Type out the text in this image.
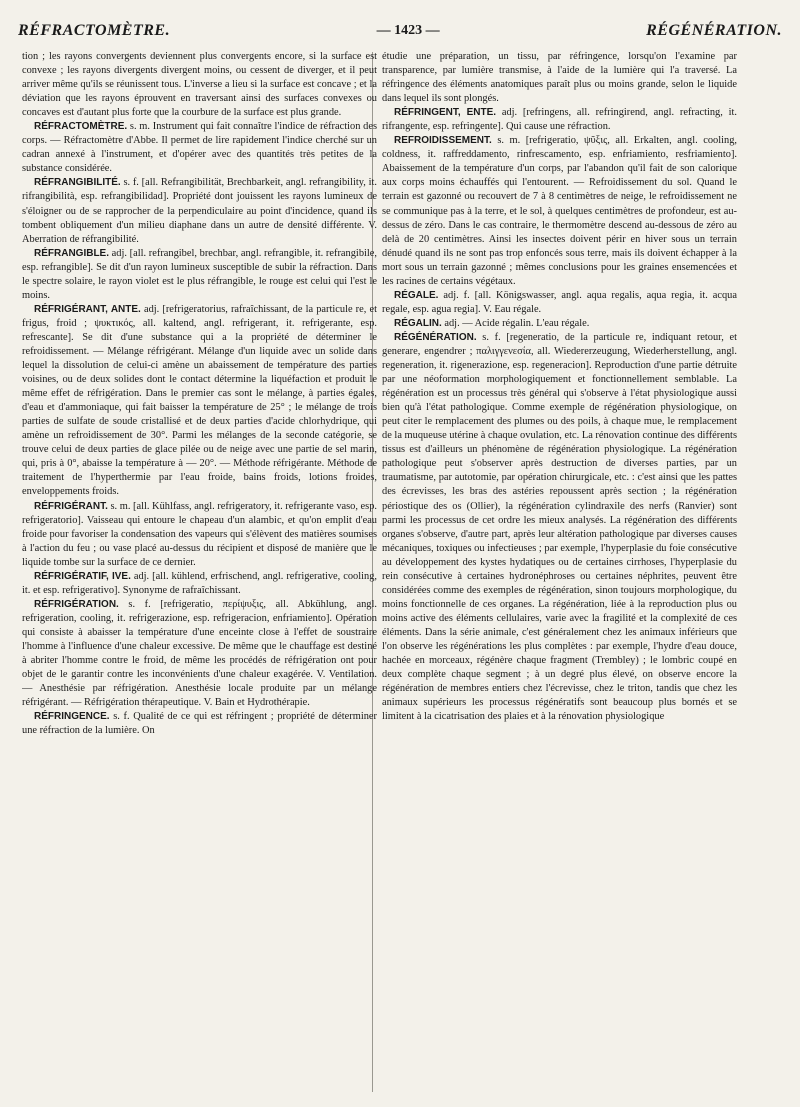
RÉFRACTOMÈTRE.	— 1423 —	RÉGÉNÉRATION.

tion ; les rayons convergents deviennent plus convergents encore, si la surface est convexe ; les rayons divergents divergent moins, ou cessent de diverger, et il peut arriver même qu'ils se réunissent tous. L'inverse a lieu si la surface est concave ; et la déviation que les rayons éprouvent en traversant ainsi des surfaces convexes ou concaves est d'autant plus forte que la courbure de la surface est plus grande.

RÉFRACTOMÈTRE. s. m. Instrument qui fait connaître l'indice de réfraction des corps. — Réfractomètre d'Abbe. Il permet de lire rapidement l'indice cherché sur un cadran annexé à l'instrument, et d'opérer avec des quantités très petites de la substance considérée.

RÉFRANGIBILITÉ. s. f. [all. Refrangibilität, Brechbarkeit, angl. refrangibility, it. rifrangibilità, esp. refrangibilidad]. Propriété dont jouissent les rayons lumineux de s'éloigner ou de se rapprocher de la perpendiculaire au point d'incidence, quand ils tombent obliquement d'un milieu diaphane dans un autre de densité différente. V. Aberration de réfrangibilité.

RÉFRANGIBLE. adj. [all. refrangibel, brechbar, angl. refrangible, it. refrangibile, esp. refrangible]. Se dit d'un rayon lumineux susceptible de subir la réfraction. Dans le spectre solaire, le rayon violet est le plus réfrangible, le rouge est celui qui l'est le moins.

RÉFRIGÉRANT, ANTE. adj. [refrigeratorius, rafraîchissant, de la particule re, et frigus, froid ; ψυκτικός, all. kaltend, angl. refrigerant, it. refrigerante, esp. refrescante]. Se dit d'une substance qui a la propriété de déterminer le refroidissement. — Mélange réfrigérant. Mélange d'un liquide avec un solide dans lequel la dissolution de celui-ci amène un abaissement de température des parties voisines, ou de deux solides dont le contact détermine la liquéfaction et produit le même effet de réfrigération. Dans le premier cas sont le mélange, à parties égales, d'eau et d'ammoniaque, qui fait baisser la température de 25° ; le mélange de trois parties de sulfate de soude cristallisé et de deux parties d'acide chlorhydrique, qui amène un refroidissement de 30°. Parmi les mélanges de la seconde catégorie, se trouve celui de deux parties de glace pilée ou de neige avec une partie de sel marin, qui, pris à 0°, abaisse la température à — 20°. — Méthode réfrigérante. Méthode de traitement de l'hyperthermie par l'eau froide, bains froids, lotions froides, enveloppements froids.

RÉFRIGÉRANT. s. m. [all. Kühlfass, angl. refrigeratory, it. refrigerante vaso, esp. refrigeratorio]. Vaisseau qui entoure le chapeau d'un alambic, et qu'on emplit d'eau froide pour favoriser la condensation des vapeurs qui s'élèvent des matières soumises à l'action du feu ; ou vase placé au-dessus du récipient et disposé de manière que le liquide tombe sur la surface de ce dernier.

RÉFRIGÉRATIF, IVE. adj. [all. kühlend, erfrischend, angl. refrigerative, cooling, it. et esp. refrigerativo]. Synonyme de rafraîchissant.

RÉFRIGÉRATION. s. f. [refrigeratio, περίψυξις, all. Abkühlung, angl. refrigeration, cooling, it. refrigerazione, esp. refrigeracion, enfriamiento]. Opération qui consiste à abaisser la température d'une enceinte close à l'effet de soustraire l'homme à l'influence d'une chaleur excessive. De même que le chauffage est destiné à abriter l'homme contre le froid, de même les procédés de réfrigération ont pour objet de le garantir contre les inconvénients d'une chaleur exagérée. V. Ventilation. — Anesthésie par réfrigération. Anesthésie locale produite par un mélange réfrigérant. — Réfrigération thérapeutique. V. Bain et Hydrothérapie.

RÉFRINGENCE. s. f. Qualité de ce qui est réfringent ; propriété de déterminer une réfraction de la lumière. On

étudie une préparation, un tissu, par réfringence, lorsqu'on l'examine par transparence, par lumière transmise, à l'aide de la lumière qui l'a traversé. La réfringence des éléments anatomiques paraît plus ou moins grande, selon le liquide dans lequel ils sont plongés.

RÉFRINGENT, ENTE. adj. [refringens, all. refringirend, angl. refracting, it. rifrangente, esp. refringente]. Qui cause une réfraction.

REFROIDISSEMENT. s. m. [refrigeratio, ψῦξις, all. Erkalten, angl. cooling, coldness, it. raffreddamento, rinfrescamento, esp. enfriamiento, resfriamiento]. Abaissement de la température d'un corps, par l'abandon qu'il fait de son calorique aux corps moins échauffés qui l'entourent. — Refroidissement du sol. Quand le terrain est gazonné ou recouvert de 7 à 8 centimètres de neige, le refroidissement ne se communique pas à la terre, et le sol, à quelques centimètres de profondeur, est au-dessus de zéro. Dans le cas contraire, le thermomètre descend au-dessous de zéro au delà de 20 centimètres. Ainsi les insectes doivent périr en hiver sous un terrain dénudé quand ils ne sont pas trop enfoncés sous terre, mais ils doivent échapper à la mort sous un terrain gazonné ; mêmes conclusions pour les graines ensemencées et les racines de certains végétaux.

RÉGALE. adj. f. [all. Königswasser, angl. aqua regalis, aqua regia, it. acqua regale, esp. agua regia]. V. Eau régale.

RÉGALIN. adj. — Acide régalin. L'eau régale.

RÉGÉNÉRATION. s. f. [regeneratio, de la particule re, indiquant retour, et generare, engendrer ; παλιγγενεσία, all. Wiedererzeugung, Wiederherstellung, angl. regeneration, it. rigenerazione, esp. regeneracion]. Reproduction d'une partie détruite par une néoformation morphologiquement et fonctionnellement semblable. La régénération est un processus très général qui s'observe à l'état physiologique aussi bien qu'à l'état pathologique. Comme exemple de régénération physiologique, on peut citer le remplacement des plumes ou des poils, à chaque mue, le remplacement de la muqueuse utérine à chaque ovulation, etc. La rénovation continue des différents tissus est d'ailleurs un phénomène de régénération physiologique. La régénération pathologique peut s'observer après destruction de diverses parties, par un traumatisme, par autotomie, par opération chirurgicale, etc. : c'est ainsi que les pattes des écrevisses, les bras des astéries repoussent après section ; la régénération périostique des os (Ollier), la régénération cylindraxile des nerfs (Ranvier) sont parmi les processus de cet ordre les mieux analysés. La régénération des différents organes s'observe, d'autre part, après leur altération pathologique par diverses causes mécaniques, toxiques ou infectieuses ; par exemple, l'hyperplasie du foie consécutive au développement des kystes hydatiques ou de certaines cirrhoses, l'hyperplasie du rein consécutive à certaines hydronéphroses ou certaines néphrites, peuvent être considérées comme des exemples de régénération, sinon toujours morphologique, du moins fonctionnelle de ces organes. La régénération, liée à la reproduction plus ou moins active des éléments cellulaires, varie avec la fragilité et la complexité de ces éléments. Dans la série animale, c'est généralement chez les animaux inférieurs que l'on observe les régénérations les plus complètes : par exemple, l'hydre d'eau douce, hachée en morceaux, régénère chaque fragment (Trembley) ; le lombric coupé en deux complète chaque segment ; à un degré plus élevé, on observe encore la régénération de membres entiers chez l'écrevisse, chez le triton, tandis que chez les animaux supérieurs les processus régénératifs sont beaucoup plus bornés et se limitent à la cicatrisation des plaies et à la rénovation physiologique
